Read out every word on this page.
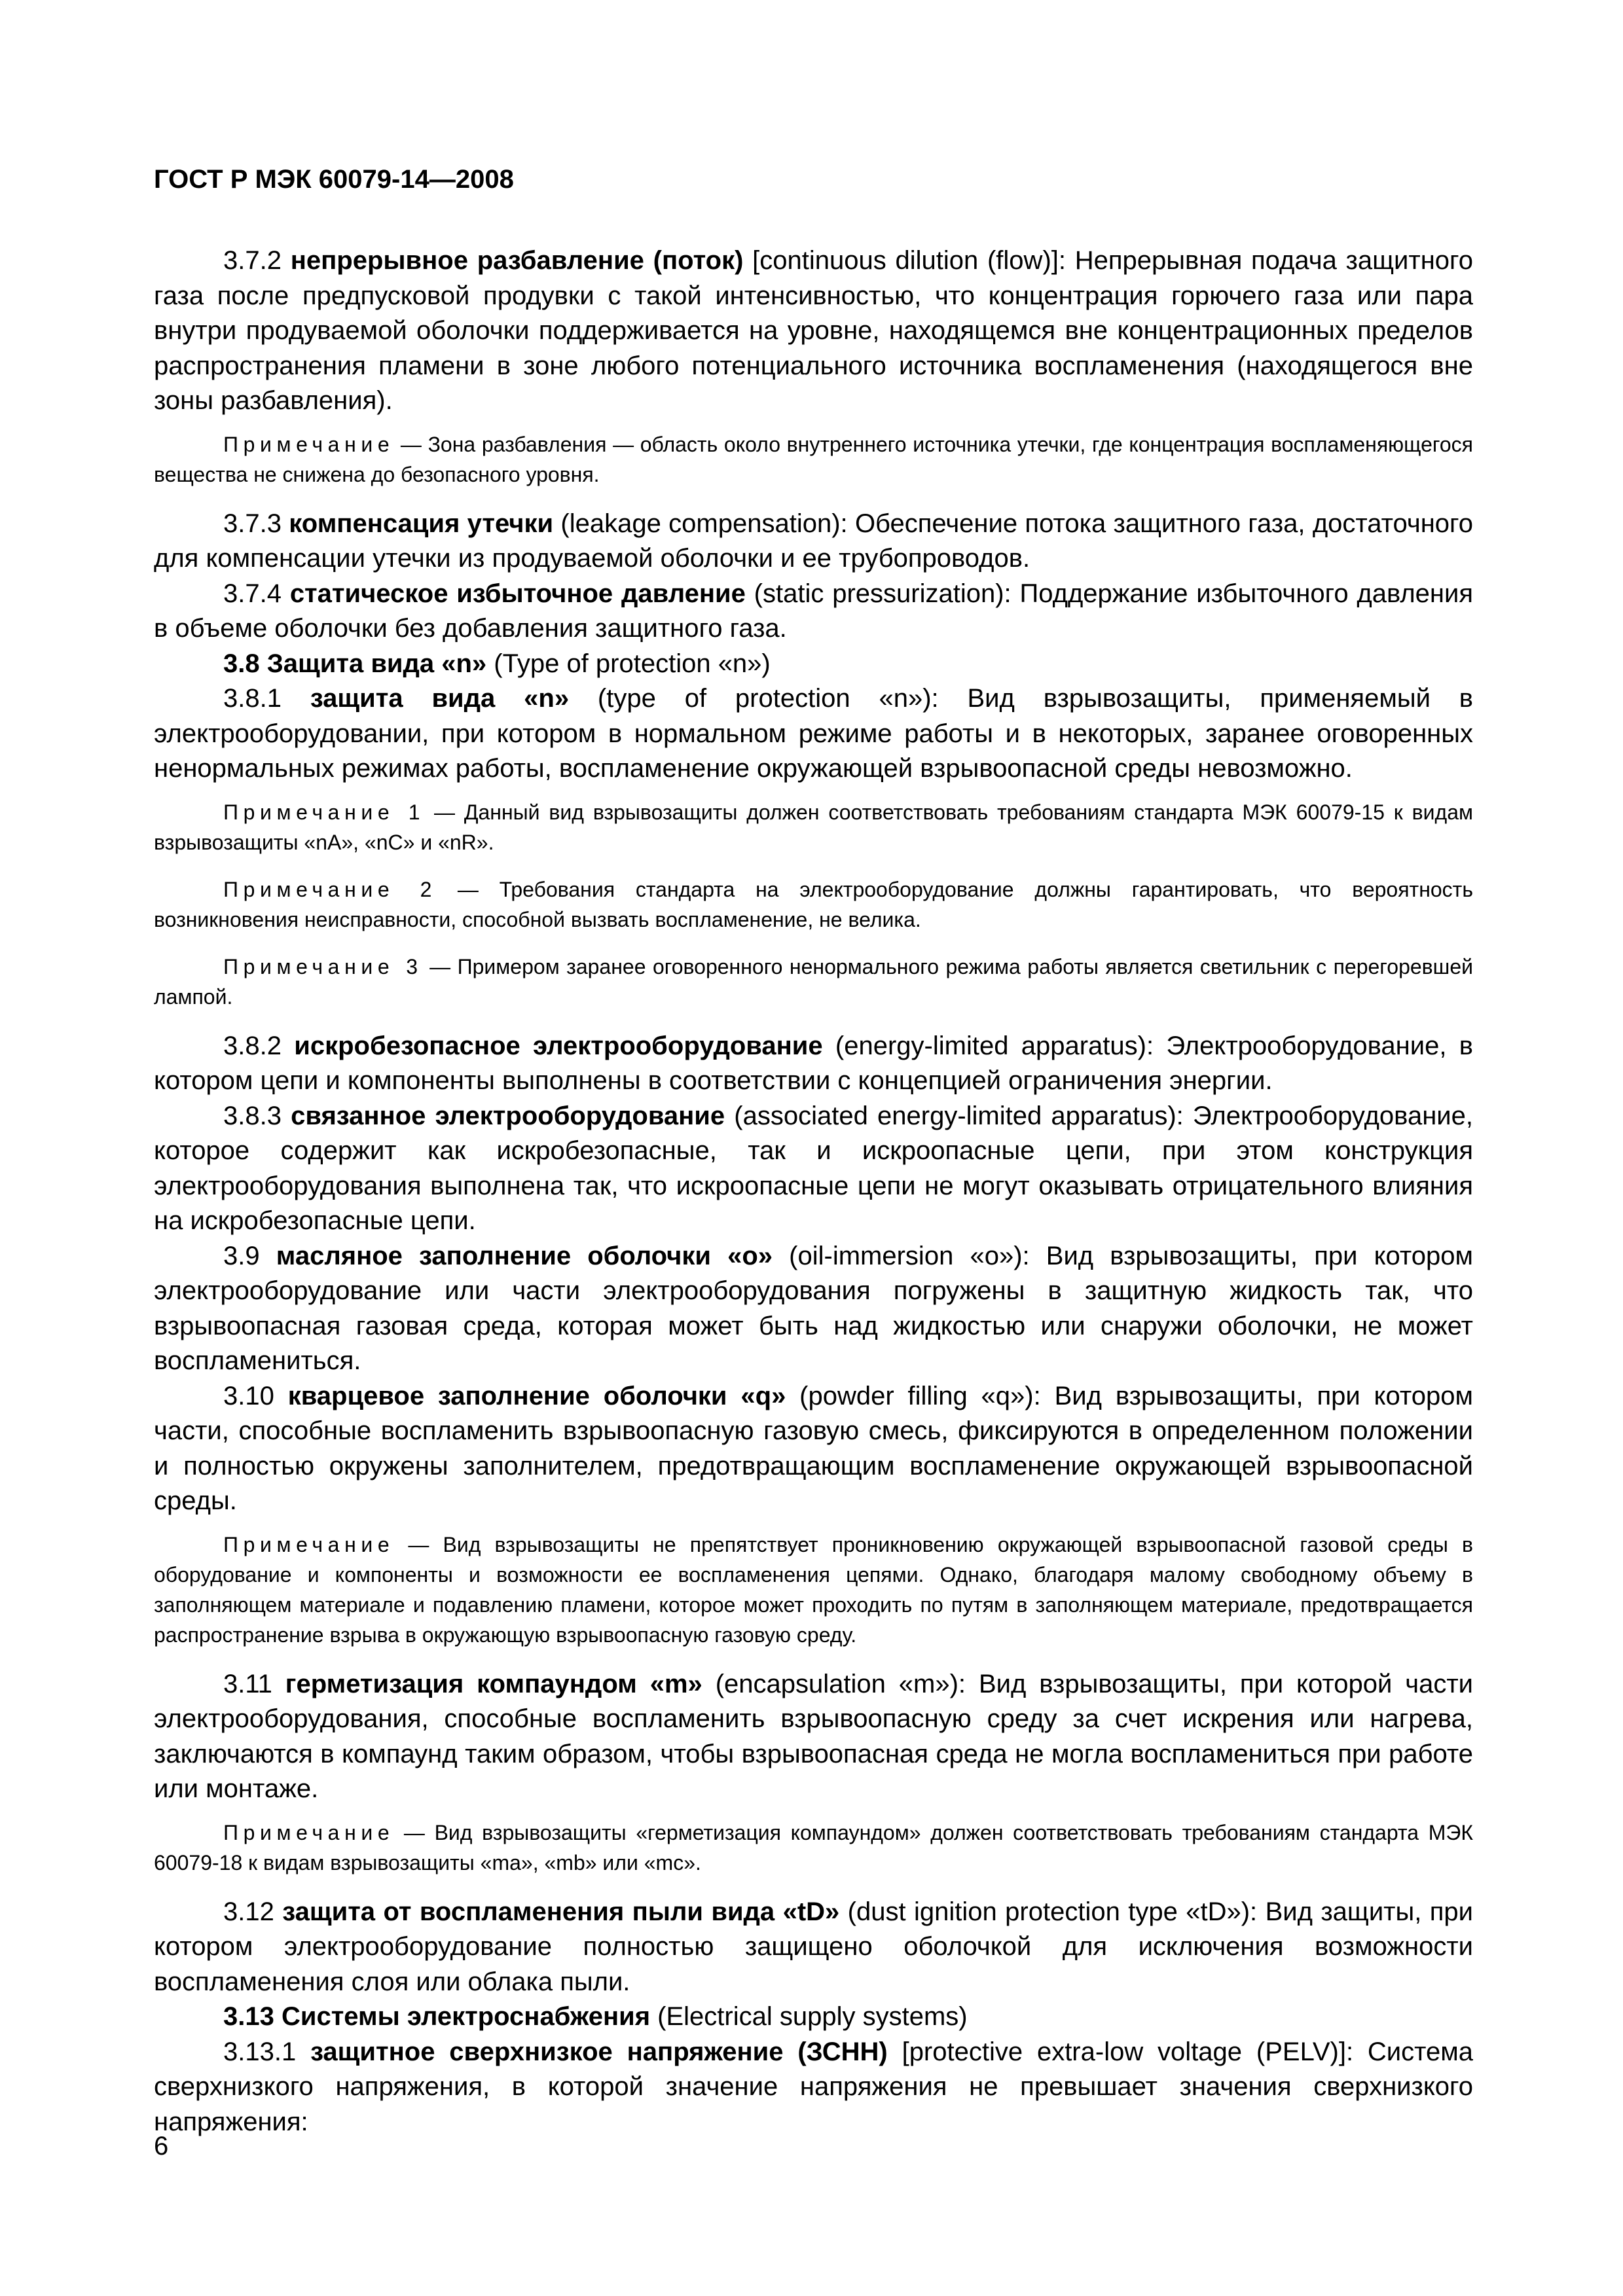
ГОСТ Р МЭК 60079-14—2008

3.7.2 непрерывное разбавление (поток) [continuous dilution (flow)]: Непрерывная подача защитного газа после предпусковой продувки с такой интенсивностью, что концентрация горючего газа или пара внутри продуваемой оболочки поддерживается на уровне, находящемся вне концентрационных пределов распространения пламени в зоне любого потенциального источника воспламенения (находящегося вне зоны разбавления).

Примечание — Зона разбавления — область около внутреннего источника утечки, где концентрация воспламеняющегося вещества не снижена до безопасного уровня.

3.7.3 компенсация утечки (leakage compensation): Обеспечение потока защитного газа, достаточного для компенсации утечки из продуваемой оболочки и ее трубопроводов.

3.7.4 статическое избыточное давление (static pressurization): Поддержание избыточного давления в объеме оболочки без добавления защитного газа.

3.8 Защита вида «n» (Type of protection «n»)

3.8.1 защита вида «n» (type of protection «n»): Вид взрывозащиты, применяемый в электрооборудовании, при котором в нормальном режиме работы и в некоторых, заранее оговоренных ненормальных режимах работы, воспламенение окружающей взрывоопасной среды невозможно.

Примечание 1 — Данный вид взрывозащиты должен соответствовать требованиям стандарта МЭК 60079-15 к видам взрывозащиты «nA», «nC» и «nR».

Примечание 2 — Требования стандарта на электрооборудование должны гарантировать, что вероятность возникновения неисправности, способной вызвать воспламенение, не велика.

Примечание 3 — Примером заранее оговоренного ненормального режима работы является светильник с перегоревшей лампой.

3.8.2 искробезопасное электрооборудование (energy-limited apparatus): Электрооборудование, в котором цепи и компоненты выполнены в соответствии с концепцией ограничения энергии.

3.8.3 связанное электрооборудование (associated energy-limited apparatus): Электрооборудование, которое содержит как искробезопасные, так и искроопасные цепи, при этом конструкция электрооборудования выполнена так, что искроопасные цепи не могут оказывать отрицательного влияния на искробезопасные цепи.

3.9 масляное заполнение оболочки «о» (oil-immersion «о»): Вид взрывозащиты, при котором электрооборудование или части электрооборудования погружены в защитную жидкость так, что взрывоопасная газовая среда, которая может быть над жидкостью или снаружи оболочки, не может воспламениться.

3.10 кварцевое заполнение оболочки «q» (powder filling «q»): Вид взрывозащиты, при котором части, способные воспламенить взрывоопасную газовую смесь, фиксируются в определенном положении и полностью окружены заполнителем, предотвращающим воспламенение окружающей взрывоопасной среды.

Примечание — Вид взрывозащиты не препятствует проникновению окружающей взрывоопасной газовой среды в оборудование и компоненты и возможности ее воспламенения цепями. Однако, благодаря малому свободному объему в заполняющем материале и подавлению пламени, которое может проходить по путям в заполняющем материале, предотвращается распространение взрыва в окружающую взрывоопасную газовую среду.

3.11 герметизация компаундом «m» (encapsulation «m»): Вид взрывозащиты, при которой части электрооборудования, способные воспламенить взрывоопасную среду за счет искрения или нагрева, заключаются в компаунд таким образом, чтобы взрывоопасная среда не могла воспламениться при работе или монтаже.

Примечание — Вид взрывозащиты «герметизация компаундом» должен соответствовать требованиям стандарта МЭК 60079-18 к видам взрывозащиты «ma», «mb» или «mc».

3.12 защита от воспламенения пыли вида «tD» (dust ignition protection type «tD»): Вид защиты, при котором электрооборудование полностью защищено оболочкой для исключения возможности воспламенения слоя или облака пыли.

3.13 Системы электроснабжения (Electrical supply systems)

3.13.1 защитное сверхнизкое напряжение (ЗСНН) [protective extra-low voltage (PELV)]: Система сверхнизкого напряжения, в которой значение напряжения не превышает значения сверхнизкого напряжения:

6
